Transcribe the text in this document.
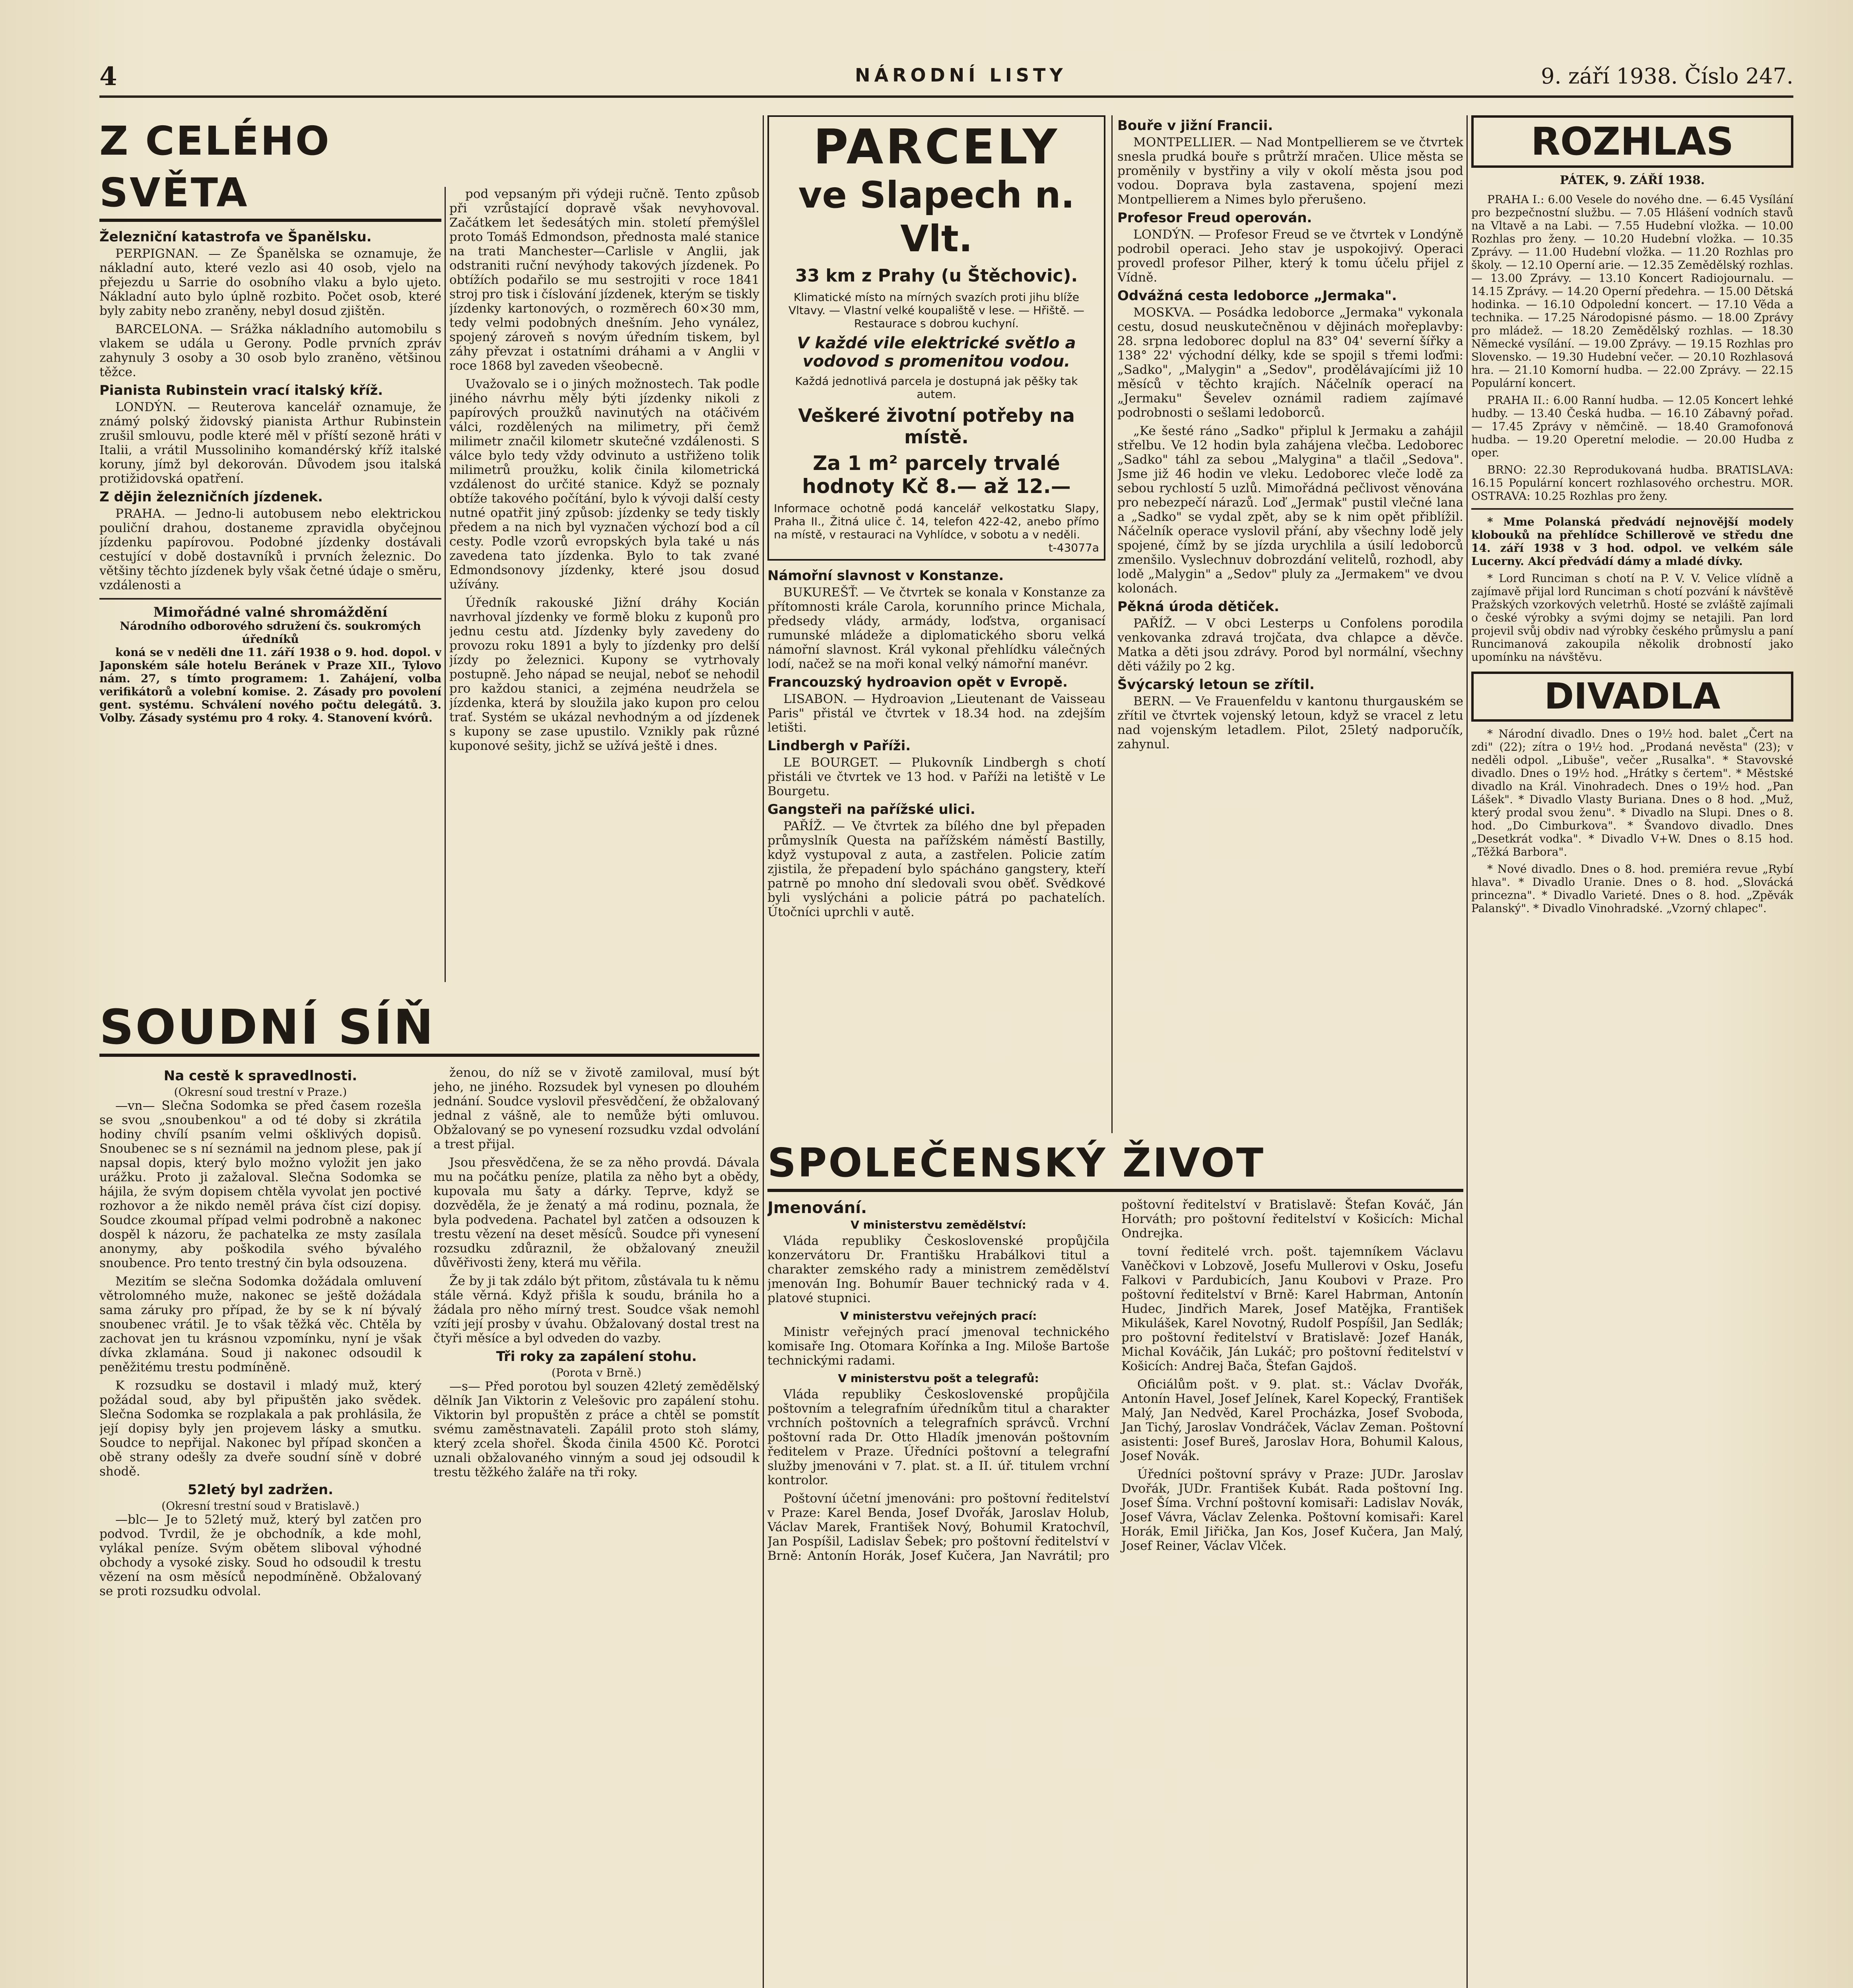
4	NÁRODNÍ LISTY	9. září 1938. Číslo 247.
Z CELÉHO SVĚTA
Železniční katastrofa ve Španělsku.

PERPIGNAN. — Ze Španělska se oznamuje, že nákladní auto, které vezlo asi 40 osob, vjelo na přejezdu u Sarrie do osobního vlaku a bylo ujeto. Nákladní auto bylo úplně rozbito. Počet osob, které byly zabity nebo zraněny, nebyl dosud zjištěn.

BARCELONA. — Srážka nákladního automobilu s vlakem se udála u Gerony. Podle prvních zpráv zahynuly 3 osoby a 30 osob bylo zraněno, většinou těžce.

Pianista Rubinstein vrací italský kříž.

LONDÝN. — Reuterova kancelář oznamuje, že známý polský židovský pianista Arthur Rubinstein zrušil smlouvu, podle které měl v příští sezoně hráti v Italii, a vrátil Mussoliniho komandérský kříž italské koruny, jímž byl dekorován. Důvodem jsou italská protižidovská opatření.

Z dějin železničních jízdenek.

PRAHA. — Jedno-li autobusem nebo elektrickou pouliční drahou, dostaneme zpravidla obyčejnou jízdenku papírovou. Podobné jízdenky dostávali cestující v době dostavníků i prvních železnic. Do většiny těchto jízdenek byly však četné údaje o směru, vzdálenosti a

Mimořádné valné shromáždění
Národního odborového sdružení čs. soukromých úředníků

koná se v neděli dne 11. září 1938 o 9. hod. dopol. v Japonském sále hotelu Beránek v Praze XII., Tylovo nám. 27, s tímto programem: 1. Zahájení, volba verifikátorů a volební komise. 2. Zásady pro povolení gent. systému. Schválení nového počtu delegátů. 3. Volby. Zásady systému pro 4 roky. 4. Stanovení kvórů.

pod vepsaným při výdeji ručně. Tento způsob při vzrůstající dopravě však nevyhovoval. Začátkem let šedesátých min. století přemýšlel proto Tomáš Edmondson, přednosta malé stanice na trati Manchester—Carlisle v Anglii, jak odstraniti ruční nevýhody takových jízdenek. Po obtížích podařilo se mu sestrojiti v roce 1841 stroj pro tisk i číslování jízdenek, kterým se tiskly jízdenky kartonových, o rozměrech 60×30 mm, tedy velmi podobných dnešním. Jeho vynález, spojený zároveň s novým úředním tiskem, byl záhy převzat i ostatními dráhami a v Anglii v roce 1868 byl zaveden všeobecně.

Uvažovalo se i o jiných možnostech. Tak podle jiného návrhu měly býti jízdenky nikoli z papírových proužků navinutých na otáčivém válci, rozdělených na milimetry, při čemž milimetr značil kilometr skutečné vzdálenosti. S válce bylo tedy vždy odvinuto a ustřiženo tolik milimetrů proužku, kolik činila kilometrická vzdálenost do určité stanice. Když se poznaly obtíže takového počítání, bylo k vývoji další cesty nutné opatřit jiný způsob: jízdenky se tedy tiskly předem a na nich byl vyznačen výchozí bod a cíl cesty. Podle vzorů evropských byla také u nás zavedena tato jízdenka. Bylo to tak zvané Edmondsonovy jízdenky, které jsou dosud užívány.

Úředník rakouské Jižní dráhy Kocián navrhoval jízdenky ve formě blоku z kuponů pro jednu cestu atd. Jízdenky byly zavedeny do provozu roku 1891 a byly to jízdenky pro delší jízdy po železnici. Kupony se vytrhovaly postupně. Jeho nápad se neujal, neboť se nehodil pro každou stanici, a zejména neudržela se jízdenka, která by sloužila jako kupon pro celou trať. Systém se ukázal nevhodným a od jízdenek s kupony se zase upustilo. Vznikly pak různé kuponové sešity, jichž se užívá ještě i dnes.

PARCELY
ve Slapech n. Vlt.
33 km z Prahy (u Štěchovic).
Klimatické místo na mírných svazích proti jihu blíže Vltavy. — Vlastní velké koupaliště v lese. — Hřiště. — Restaurace s dobrou kuchyní.
V každé vile elektrické světlo a vodovod s promenitou vodou.
Každá jednotlivá parcela je dostupná jak pěšky tak autem.
Veškeré životní potřeby na místě.
Za 1 m² parcely trvalé hodnoty Kč 8.— až 12.—
Informace ochotně podá kancelář velkostatku Slapy, Praha II., Žitná ulice č. 14, telefon 422-42, anebo přímo na místě, v restauraci na Vyhlídce, v sobotu a v neděli.
t-43077a
Námořní slavnost v Konstanze.

BUKUREŠŤ. — Ve čtvrtek se konala v Konstanze za přítomnosti krále Carola, korunního prince Michala, předsedy vlády, armády, loďstva, organisací rumunské mládeže a diplomatického sboru velká námořní slavnost. Král vykonal přehlídku válečných lodí, načež se na moři konal velký námořní manévr.

Francouzský hydroavion opět v Evropě.

LISABON. — Hydroavion „Lieutenant de Vaisseau Paris" přistál ve čtvrtek v 18.34 hod. na zdejším letišti.

Lindbergh v Paříži.

LE BOURGET. — Plukovník Lindbergh s chotí přistáli ve čtvrtek ve 13 hod. v Paříži na letiště v Le Bourgetu.

Gangsteři na pařížské ulici.

PAŘÍŽ. — Ve čtvrtek za bílého dne byl přepaden průmyslník Questa na pařížském náměstí Bastilly, když vystupoval z auta, a zastřelen. Policie zatím zjistila, že přepadení bylo spácháno gangstery, kteří patrně po mnoho dní sledovali svou oběť. Svědkové byli vyslýcháni a policie pátrá po pachatelích. Útočníci uprchli v autě.

Bouře v jižní Francii.

MONTPELLIER. — Nad Montpellierem se ve čtvrtek snesla prudká bouře s průtrží mračen. Ulice města se proměnily v bystřiny a vily v okolí města jsou pod vodou. Doprava byla zastavena, spojení mezi Montpellierem a Nimes bylo přerušeno.

Profesor Freud operován.

LONDÝN. — Profesor Freud se ve čtvrtek v Londýně podrobil operaci. Jeho stav je uspokojivý. Operaci provedl profesor Pilher, který k tomu účelu přijel z Vídně.

Odvážná cesta ledoborce „Jermaka".

MOSKVA. — Posádka ledoborce „Jermaka" vykonala cestu, dosud neuskutečněnou v dějinách mořeplavby: 28. srpna ledoborec doplul na 83° 04' severní šířky a 138° 22' východní délky, kde se spojil s třemi loďmi: „Sadko", „Malygin" a „Sedov", prodělávajícími již 10 měsíců v těchto krajích. Náčelník operací na „Jermaku" Ševelev oznámil radiem zajímavé podrobnosti o sešlami ledoborců.

„Ke šesté ráno „Sadko" připlul k Jermaku a zahájil střelbu. Ve 12 hodin byla zahájena vlečba. Ledoborec „Sadko" táhl za sebou „Malygina" a tlačil „Sedova". Jsme již 46 hodin ve vleku. Ledoborec vleče lodě za sebou rychlostí 5 uzlů. Mimořádná pečlivost věnována pro nebezpečí nárazů. Loď „Jermak" pustil vlečné lana a „Sadko" se vydal zpět, aby se k nim opět přiblížil. Náčelník operace vyslovil přání, aby všechny lodě jely spojené, čímž by se jízda urychlila a úsilí ledoborců zmenšilo. Vyslechnuv dobrozdání velitelů, rozhodl, aby lodě „Malygin" a „Sedov" pluly za „Jermakem" ve dvou kolonách.

Pěkná úroda dětiček.

PAŘÍŽ. — V obci Lesterps u Confolens porodila venkovanka zdravá trojčata, dva chlapce a děvče. Matka a děti jsou zdrávy. Porod byl normální, všechny děti vážily po 2 kg.

Švýcarský letoun se zřítil.

BERN. — Ve Frauenfeldu v kantonu thurgauském se zřítil ve čtvrtek vojenský letoun, když se vracel z letu nad vojenským letadlem. Pilot, 25letý nadporučík, zahynul.

ROZHLAS
PÁTEK, 9. ZÁŘÍ 1938.

PRAHA I.: 6.00 Vesele do nového dne. — 6.45 Vysílání pro bezpečnostní službu. — 7.05 Hlášení vodních stavů na Vltavě a na Labi. — 7.55 Hudební vložka. — 10.00 Rozhlas pro ženy. — 10.20 Hudební vložka. — 10.35 Zprávy. — 11.00 Hudební vložka. — 11.20 Rozhlas pro školy. — 12.10 Operní arie. — 12.35 Zemědělský rozhlas. — 13.00 Zprávy. — 13.10 Koncert Radiojournalu. — 14.15 Zprávy. — 14.20 Operní předehra. — 15.00 Dětská hodinka. — 16.10 Odpolední koncert. — 17.10 Věda a technika. — 17.25 Národopisné pásmo. — 18.00 Zprávy pro mládež. — 18.20 Zemědělský rozhlas. — 18.30 Německé vysílání. — 19.00 Zprávy. — 19.15 Rozhlas pro Slovensko. — 19.30 Hudební večer. — 20.10 Rozhlasová hra. — 21.10 Komorní hudba. — 22.00 Zprávy. — 22.15 Populární koncert.

PRAHA II.: 6.00 Ranní hudba. — 12.05 Koncert lehké hudby. — 13.40 Česká hudba. — 16.10 Zábavný pořad. — 17.45 Zprávy v němčině. — 18.40 Gramofonová hudba. — 19.20 Operetní melodie. — 20.00 Hudba z oper.

BRNO: 22.30 Reprodukovaná hudba. BRATISLAVA: 16.15 Populární koncert rozhlasového orchestru. MOR. OSTRAVA: 10.25 Rozhlas pro ženy.

* Mme Polanská předvádí nejnovější modely klobouků na přehlídce Schillerově ve středu dne 14. září 1938 v 3 hod. odpol. ve velkém sále Lucerny. Akcí předvádí dámy a mladé dívky.

* Lord Runciman s chotí na P. V. V. Velice vlídně a zajímavě přijal lord Runciman s chotí pozvání k návštěvě Pražských vzorkových veletrhů. Hosté se zvláště zajímali o české výrobky a svými dojmy se netajili. Pan lord projevil svůj obdiv nad výrobky českého průmyslu a paní Runcimanová zakoupila několik drobností jako upomínku na návštěvu.

DIVADLA

* Národní divadlo. Dnes o 19½ hod. balet „Čert na zdi" (22); zítra o 19½ hod. „Prodaná nevěsta" (23); v neděli odpol. „Libuše", večer „Rusalka". * Stavovské divadlo. Dnes o 19½ hod. „Hrátky s čertem". * Městské divadlo na Král. Vinohradech. Dnes o 19½ hod. „Pan Lášek". * Divadlo Vlasty Buriana. Dnes o 8 hod. „Muž, který prodal svou ženu". * Divadlo na Slupi. Dnes o 8. hod. „Do Cimburkova". * Švandovo divadlo. Dnes „Desetkrát vodka". * Divadlo V+W. Dnes o 8.15 hod. „Těžká Barbora".

* Nové divadlo. Dnes o 8. hod. premiéra revue „Rybí hlava". * Divadlo Uranie. Dnes o 8. hod. „Slovácká princezna". * Divadlo Varieté. Dnes o 8. hod. „Zpěvák Palanský". * Divadlo Vinohradské. „Vzorný chlapec".

SOUDNÍ SÍŇ
Na cestě k spravedlnosti.
(Okresní soud trestní v Praze.)

—vn— Slečna Sodomka se před časem rozešla se svou „snoubenkou" a od té doby si zkrátila hodiny chvílí psaním velmi ošklivých dopisů. Snoubenec se s ní seznámil na jednom plese, pak jí napsal dopis, který bylo možno vyložit jen jako urážku. Proto ji zažaloval. Slečna Sodomka se hájila, že svým dopisem chtěla vyvolat jen poctivé rozhovor a že nikdo neměl práva číst cizí dopisy. Soudce zkoumal případ velmi podrobně a nakonec dospěl k názoru, že pachatelka ze msty zasílala anonymy, aby poškodila svého bývalého snoubence. Pro tento trestný čin byla odsouzena.

Mezitím se slečna Sodomka dožádala omluvení větrolomného muže, nakonec se ještě dožádala sama záruky pro případ, že by se k ní bývalý snoubenec vrátil. Je to však těžká věc. Chtěla by zachovat jen tu krásnou vzpomínku, nyní je však dívka zklamána. Soud ji nakonec odsoudil k peněžitému trestu podmíněně.

K rozsudku se dostavil i mladý muž, který požádal soud, aby byl připuštěn jako svědek. Slečna Sodomka se rozplakala a pak prohlásila, že její dopisy byly jen projevem lásky a smutku. Soudce to nepřijal. Nakonec byl případ skončen a obě strany odešly za dveře soudní síně v dobré shodě.

52letý byl zadržen.
(Okresní trestní soud v Bratislavě.)

—blc— Je to 52letý muž, který byl zatčen pro podvod. Tvrdil, že je obchodník, a kde mohl, vylákal peníze. Svým obětem sliboval výhodné obchody a vysoké zisky. Soud ho odsoudil k trestu vězení na osm měsíců nepodmíněně. Obžalovaný se proti rozsudku odvolal.

ženou, do níž se v životě zamiloval, musí být jeho, ne jiného. Rozsudek byl vynesen po dlouhém jednání. Soudce vyslovil přesvědčení, že obžalovaný jednal z vášně, ale to nemůže býti omluvou. Obžalovaný se po vynesení rozsudku vzdal odvolání a trest přijal.

Jsou přesvědčena, že se za něho provdá. Dávala mu na počátku peníze, platila za něho byt a obědy, kupovala mu šaty a dárky. Teprve, když se dozvěděla, že je ženatý a má rodinu, poznala, že byla podvedena. Pachatel byl zatčen a odsouzen k trestu vězení na deset měsíců. Soudce při vynesení rozsudku zdůraznil, že obžalovaný zneužil důvěřivosti ženy, která mu věřila.

Že by ji tak zdálo být přitom, zůstávala tu k němu stále věrná. Když přišla k soudu, bránila ho a žádala pro něho mírný trest. Soudce však nemohl vzíti její prosby v úvahu. Obžalovaný dostal trest na čtyři měsíce a byl odveden do vazby.

Tři roky za zapálení stohu.
(Porota v Brně.)

—s— Před porotou byl souzen 42letý zemědělský dělník Jan Viktorin z Velešovic pro zapálení stohu. Viktorin byl propuštěn z práce a chtěl se pomstít svému zaměstnavateli. Zapálil proto stoh slámy, který zcela shořel. Škoda činila 4500 Kč. Porotci uznali obžalovaného vinným a soud jej odsoudil k trestu těžkého žaláře na tři roky.

SPOLEČENSKÝ ŽIVOT
Jmenování.
V ministerstvu zemědělství:

Vláda republiky Československé propůjčila konzervátoru Dr. Františku Hrabálkovi titul a charakter zemského rady a ministrem zemědělství jmenován Ing. Bohumír Bauer technický rada v 4. platové stupnici.

V ministerstvu veřejných prací:

Ministr veřejných prací jmenoval technického komisaře Ing. Otomara Kořínka a Ing. Miloše Bartoše technickými radami.

V ministerstvu pošt a telegrafů:

Vláda republiky Československé propůjčila poštovním a telegrafním úředníkům titul a charakter vrchních poštovních a telegrafních správců. Vrchní poštovní rada Dr. Otto Hladík jmenován poštovním ředitelem v Praze. Úředníci poštovní a telegrafní služby jmenováni v 7. plat. st. a II. úř. titulem vrchní kontrolor.

Poštovní účetní jmenováni: pro poštovní ředitelství v Praze: Karel Benda, Josef Dvořák, Jaroslav Holub, Václav Marek, František Nový, Bohumil Kratochvíl, Jan Pospíšil, Ladislav Šebek; pro poštovní ředitelství v Brně: Antonín Horák, Josef Kučera, Jan Navrátil; pro poštovní ředitelství v Bratislavě: Štefan Kováč, Ján Horváth; pro poštovní ředitelství v Košicích: Michal Ondrejka.

tovní ředitelé vrch. pošt. tajemníkem Václavu Vaněčkovi v Lobzově, Josefu Mullerovi v Osku, Josefu Falkovi v Pardubicích, Janu Koubovi v Praze. Pro poštovní ředitelství v Brně: Karel Habrman, Antonín Hudec, Jindřich Marek, Josef Matějka, František Mikulášek, Karel Novotný, Rudolf Pospíšil, Jan Sedlák; pro poštovní ředitelství v Bratislavě: Jozef Hanák, Michal Kováčik, Ján Lukáč; pro poštovní ředitelství v Košicích: Andrej Bača, Štefan Gajdoš.

Oficiálům pošt. v 9. plat. st.: Václav Dvořák, Antonín Havel, Josef Jelínek, Karel Kopecký, František Malý, Jan Nedvěd, Karel Procházka, Josef Svoboda, Jan Tichý, Jaroslav Vondráček, Václav Zeman. Poštovní asistenti: Josef Bureš, Jaroslav Hora, Bohumil Kalous, Josef Novák.

Úředníci poštovní správy v Praze: JUDr. Jaroslav Dvořák, JUDr. František Kubát. Rada poštovní Ing. Josef Šíma. Vrchní poštovní komisaři: Ladislav Novák, Josef Vávra, Václav Zelenka. Poštovní komisaři: Karel Horák, Emil Jiřička, Jan Kos, Josef Kučera, Jan Malý, Josef Reiner, Václav Vlček.
